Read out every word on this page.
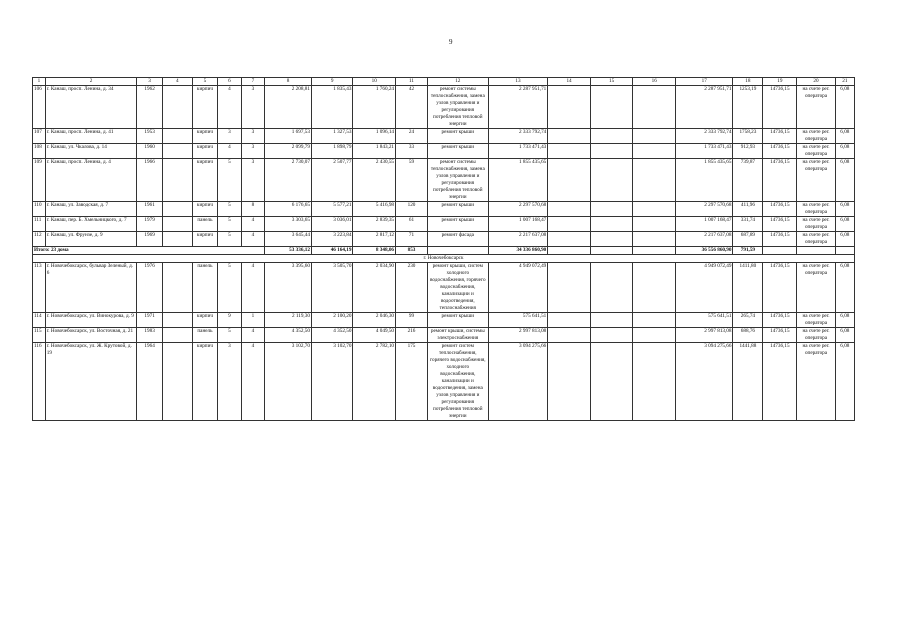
9
1	2	3	4	5	6	7	8	9	10	11	12	13	14	15	16	17	18	19	20	21
106	г. Канаш, просп. Ленина, д. 34	1962		кирпич	4	3	2 208,81	1 835,43	1 760,24	42	ремонт системы теплоснабжения, замена узлов управления и регулирования потребления тепловой энергии	2 287 951,71				2 287 951,71	1253,19	14736,15	на счете рег. оператора	6,08
107	г. Канаш, просп. Ленина, д. 41	1953		кирпич	3	3	1 697,53	1 327,53	1 096,14	24	ремонт крыши	2 333 792,74				2 333 792,74	1758,23	14736,15	на счете рег. оператора	6,08
108	г. Канаш, ул. Чкалова, д. 14	1960		кирпич	4	3	2 099,79	1 898,79	1 843,21	33	ремонт крыши	1 733 471,43				1 733 471,43	912,93	14736,15	на счете рег. оператора	6,08
109	г. Канаш, просп. Ленина, д. 4	1966		кирпич	5	3	2 730,07	2 507,77	2 430,55	59	ремонт системы теплоснабжения, замена узлов управления и регулирования потребления тепловой энергии	1 855 435,65				1 855 435,65	739,87	14736,15	на счете рег. оператора	6,08
110	г. Канаш, ул. Заводская, д. 7	1961		кирпич	5	8	6 176,65	5 577,21	5 416,98	120	ремонт крыши	2 297 570,68				2 297 570,68	411,96	14736,15	на счете рег. оператора	6,08
111	г. Канаш, пер. Б. Хмельницкого, д. 7	1979		панель	5	4	3 303,65	3 036,01	2 839,35	61	ремонт крыши	1 007 168,47				1 007 168,47	331,74	14736,15	на счете рег. оператора	6,08
112	г. Канаш, ул. Фрунзе, д. 9	1969		кирпич	5	4	3 645,44	3 223,84	2 817,12	71	ремонт фасада	2 217 637,08				2 217 637,08	687,89	14736,15	на счете рег. оператора	6,08
Итого: 23 дома							53 336,12	46 164,19	8 348,06	853		34 336 860,90				36 556 860,90	791,59			
г. Новочебоксарск																				
113	г. Новочебоксарск, бульвар Зеленый, д. 6	1976		панель	5	4	3 395,60	3 505,70	2 034,90	230	ремонт крыши, систем холодного водоснабжения, горячего водоснабжения, канализации и водоотведения, теплоснабжения	4 949 072,49				4 949 072,49	1411,80	14736,15	на счете рег. оператора	6,08
114	г. Новочебоксарск, ул. Винокурова, д. 9	1971		кирпич	9	1	2 119,30	2 100,20	2 046,30	99	ремонт крыши	575 641,51				575 641,51	265,74	14736,15	на счете рег. оператора	6,08
115	г. Новочебоксарск, ул. Восточная, д. 21	1983		панель	5	4	4 352,50	4 352,50	4 049,50	216	ремонт крыши, системы электроснабжения	2 997 813,08				2 997 813,08	688,76	14736,15	на счете рег. оператора	6,08
116	г. Новочебоксарск, ул. Ж. Крутовой, д. 19	1964		кирпич	3	4	3 102,70	3 102,70	2 782,10	175	ремонт систем теплоснабжения, горячего водоснабжения, холодного водоснабжения, канализации и водоотведения, замена узлов управления и регулирования потребления тепловой энергии	3 094 275,66				3 094 275,66	1441,88	14736,15	на счете рег. оператора	6,08
